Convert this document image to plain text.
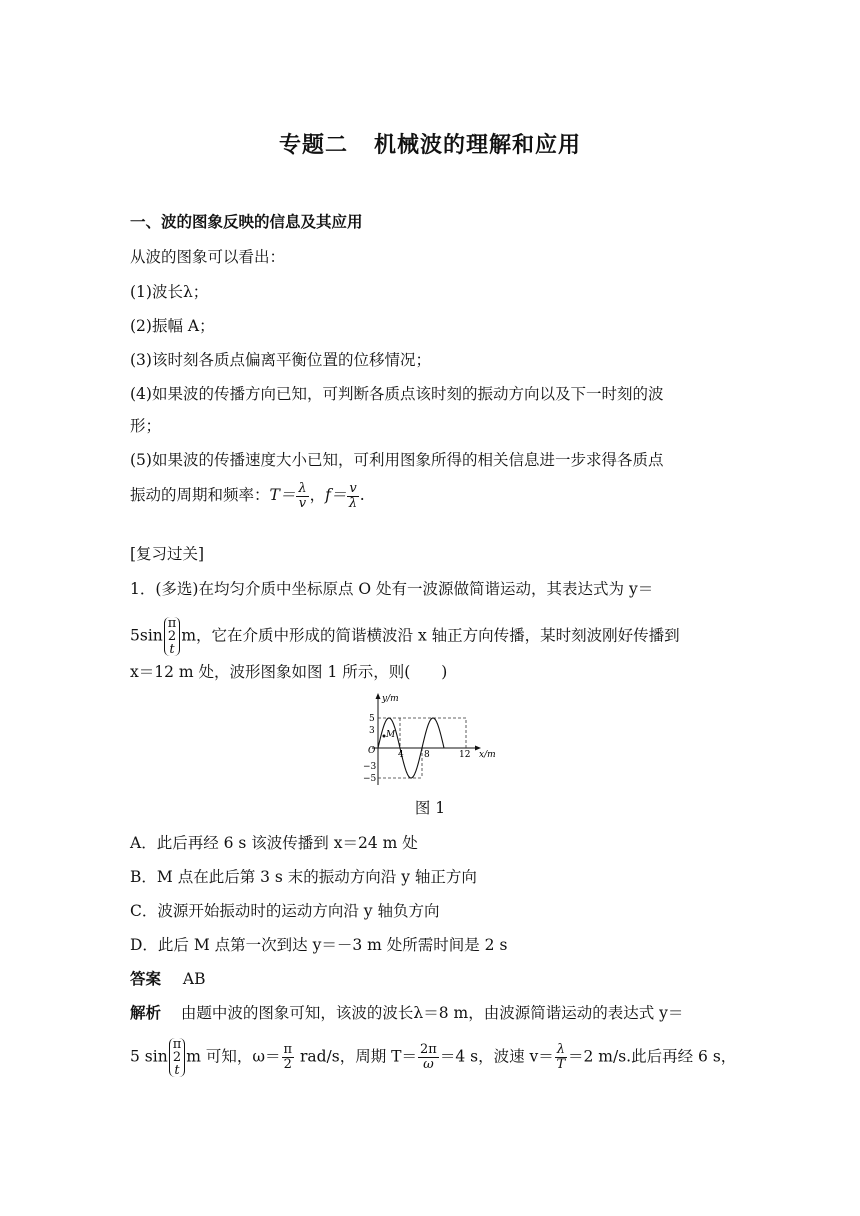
专题二 机械波的理解和应用
一、波的图象反映的信息及其应用
从波的图象可以看出：
(1)波长λ；
(2)振幅 A；
(3)该时刻各质点偏离平衡位置的位移情况；
(4)如果波的传播方向已知，可判断各质点该时刻的振动方向以及下一时刻的波
形；
(5)如果波的传播速度大小已知，可利用图象所得的相关信息进一步求得各质点
振动的周期和频率：$T= \frac{\lambda}{v}$ ，$f= \frac{v}{\lambda}$ .
[复习过关]
1．(多选)在均匀介质中坐标原点 O 处有一波源做简谐运动，其表达式为 y＝
5sin
π
2
t
m，它在介质中形成的简谐横波沿 x 轴正方向传播，某时刻波刚好传播到
x＝12 m 处，波形图象如图 1 所示，则(　　)
y/m
x/m
O
5
3
−3
−5
4 8	12
M
图 1
A．此后再经 6 s 该波传播到 x＝24 m 处
B．M 点在此后第 3 s 末的振动方向沿 y 轴正方向
C．波源开始振动时的运动方向沿 y 轴负方向
D．此后 M 点第一次到达 y＝－3 m 处所需时间是 2 s
答案 AB
解析 由题中波的图象可知，该波的波长λ＝8 m，由波源简谐运动的表达式 y＝
5 sin
π
2
t
m 可知，$\omega= \frac{\pi}{2} rad/s$，周期 $T= \frac{2\pi}{\omega} =4$ s，波速 $v= \frac{\lambda}{T} =2$ m/s.此后再经 6 s，
